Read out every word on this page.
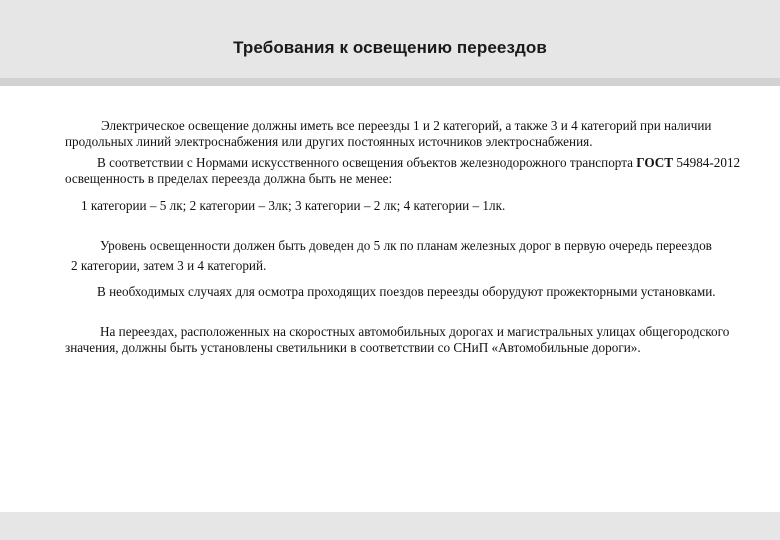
Требования к освещению переездов

Электрическое освещение должны иметь все переезды 1 и 2 категорий, а также 3 и 4 категорий при наличии продольных линий электроснабжения или других постоянных источников электроснабжения.

В соответствии с Нормами искусственного освещения объектов железнодорожного транспорта ГОСТ 54984-2012 освещенность в пределах переезда должна быть не менее:

1 категории – 5 лк; 2 категории – 3лк; 3 категории – 2 лк; 4 категории – 1лк.

Уровень освещенности должен быть доведен до 5 лк по планам железных дорог в первую очередь переездов

2 категории, затем 3 и 4 категорий.

В необходимых случаях для осмотра проходящих поездов переезды оборудуют прожекторными установками.

На переездах, расположенных на скоростных автомобильных дорогах и магистральных улицах общегородского значения, должны быть установлены светильники в соответствии со СНиП «Автомобильные дороги».
